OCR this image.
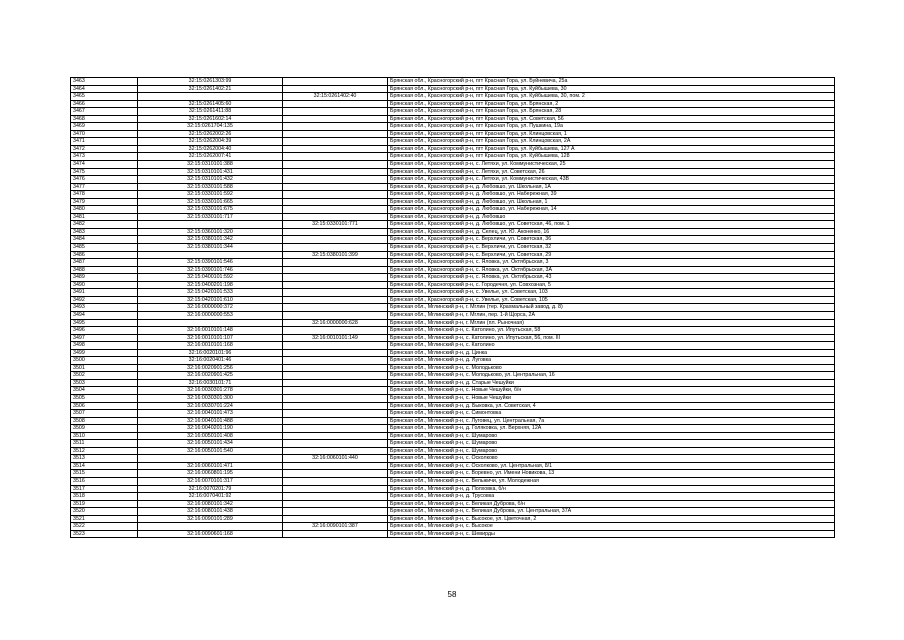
3463	32:15:0261303:99		Брянская обл., Красногорский р-н, пгт Красная Гора, ул. Буйневича, 25а
3464	32:15:0261402:21		Брянская обл., Красногорский р-н, пгт Красная Гора, ул. Куйбышева, 30
3465		32:15:0261402:40	Брянская обл., Красногорский р-н, пгт Красная Гора, ул. Куйбышева, 30, пом. 2
3466	32:15:0261405:60		Брянская обл., Красногорский р-н, пгт Красная Гора, ул. Брянская, 2
3467	32:15:0261411:88		Брянская обл., Красногорский р-н, пгт Красная Гора, ул. Брянская, 28
3468	32:15:0261602:14		Брянская обл., Красногорский р-н, пгт Красная Гора, ул. Советская, 56
3469	32:15:0261704:135		Брянская обл., Красногорский р-н, пгт Красная Гора, ул. Пушкина, 19а
3470	32:15:0262002:26		Брянская обл., Красногорский р-н, пгт Красная Гора, ул. Клинцовская, 1
3471	32:15:0262004:39		Брянская обл., Красногорский р-н, пгт Красная Гора, ул. Клинцовская, 2А
3472	32:15:0262004:40		Брянская обл., Красногорский р-н, пгт Красная Гора, ул. Куйбышева, 127 А
3473	32:15:0262007:41		Брянская обл., Красногорский р-н, пгт Красная Гора, ул. Куйбышева, 128
3474	32:15:0310101:388		Брянская обл., Красногорский р-н, с. Летяхи, ул. Коммунистическая, 25
3475	32:15:0310101:431		Брянская обл., Красногорский р-н, с. Летяхи, ул. Советская, 26
3476	32:15:0310101:432		Брянская обл., Красногорский р-н, с. Летяхи, ул. Коммунистическая, 43В
3477	32:15:0330101:588		Брянская обл., Красногорский р-н, д. Любовшо, ул. Школьная, 1А
3478	32:15:0330101:592		Брянская обл., Красногорский р-н, д. Любовшо, ул. Набережная, 39
3479	32:15:0330101:665		Брянская обл., Красногорский р-н, д. Любовшо, ул. Школьная, 1
3480	32:15:0330101:675		Брянская обл., Красногорский р-н, д. Любовшо, ул. Набережная, 14
3481	32:15:0330101:717		Брянская обл., Красногорский р-н, д. Любовшо
3482		32:15:0330101:771	Брянская обл., Красногорский р-н, д. Любовшо, ул. Советская, 46, пом. 1
3483	32:15:0360101:320		Брянская обл., Красногорский р-н, д. Селец, ул. Ю. Аконенко, 16
3484	32:15:0380101:342		Брянская обл., Красногорский р-н, с. Верхличи, ул. Советская, 36
3485	32:15:0380101:344		Брянская обл., Красногорский р-н, с. Верхличи, ул. Советская, 32
3486		32:15:0380101:399	Брянская обл., Красногорский р-н, с. Верхличи, ул. Советская, 29
3487	32:15:0390101:546		Брянская обл., Красногорский р-н, с. Яловка, ул. Октябрьская, 3
3488	32:15:0390101:746		Брянская обл., Красногорский р-н, с. Яловка, ул. Октябрьская, 3А
3489	32:15:0400101:592		Брянская обл., Красногорский р-н, с. Яловка, ул. Октябрьская, 43
3490	32:15:0400201:198		Брянская обл., Красногорский р-н, с. Городечня, ул. Совхозная, 5
3491	32:15:0420101:533		Брянская обл., Красногорский р-н, с. Увелье, ул. Советская, 103
3492	32:15:0420101:610		Брянская обл., Красногорский р-н, с. Увелье, ул. Советская, 105
3493	32:16:0000000:372		Брянская обл., Мглинский р-н, г. Мглин (тер. Крахмальный завод, д. 8)
3494	32:16:0000000:553		Брянская обл., Мглинский р-н, г. Мглин, пер. 1-й Щорса, 2А
3495		32:16:0000000:628	Брянская обл., Мглинский р-н, г. Мглин (пл. Рыночная)
3496	32:16:0010101:148		Брянская обл., Мглинский р-н, с. Католино, ул. Ипутьская, 58
3497	32:16:0010101:107	32:16:0010101:149	Брянская обл., Мглинский р-н, с. Католино, ул. Ипутьская, 56, пом. III
3498	32:16:0010101:168		Брянская обл., Мглинский р-н, с. Католино
3499	32:16:0020101:96		Брянская обл., Мглинский р-н, д. Цинка
3500	32:16:0020401:46		Брянская обл., Мглинский р-н, д. Луговка
3501	32:16:0020901:256		Брянская обл., Мглинский р-н, с. Молодьково
3502	32:16:0020901:425		Брянская обл., Мглинский р-н, с. Молодьково, ул. Центральная, 16
3503	32:16:0030101:71		Брянская обл., Мглинский р-н, д. Старые Чешуйки
3504	32:16:0030301:278		Брянская обл., Мглинский р-н, с. Новые Чешуйки, б/н
3505	32:16:0030301:300		Брянская обл., Мглинский р-н, с. Новые Чешуйки
3506	32:16:0030701:224		Брянская обл., Мглинский р-н, д. Быковка, ул. Советская, 4
3507	32:16:0040101:473		Брянская обл., Мглинский р-н, с. Симонтовка
3508	32:16:0040101:488		Брянская обл., Мглинский р-н, с. Луговец, ул. Центральная, 7а
3509	32:16:0040201:190		Брянская обл., Мглинский р-н, д. Голяковка, ул. Верхняя, 12А
3510	32:16:0050101:408		Брянская обл., Мглинский р-н, с. Шумарово
3511	32:16:0050101:434		Брянская обл., Мглинский р-н, с. Шумарово
3512	32:16:0050101:540		Брянская обл., Мглинский р-н, с. Шумарово
3513		32:16:0060101:440	Брянская обл., Мглинский р-н, с. Осколково
3514	32:16:0060101:471		Брянская обл., Мглинский р-н, с. Осколково, ул. Центральная, 8/1
3515	32:16:0060801:195		Брянская обл., Мглинский р-н, с. Воревно, ул. Имени Новикова, 13
3516	32:16:0070101:317		Брянская обл., Мглинский р-н, с. Вельжичи, ул. Молодежная
3517	32:16:0070201:79		Брянская обл., Мглинский р-н, д. Полховка, б/н
3518	32:16:0070401:92		Брянская обл., Мглинский р-н, д. Трусовка
3519	32:16:0080101:342		Брянская обл., Мглинский р-н, с. Великая Дуброва, б/н
3520	32:16:0080101:438		Брянская обл., Мглинский р-н, с. Великая Дуброва, ул. Центральная, 37А
3521	32:16:0090101:289		Брянская обл., Мглинский р-н, с. Высокое, ул. Цветочная, 2
3522		32:16:0090101:387	Брянская обл., Мглинский р-н, с. Высокое
3523	32:16:0090601:168		Брянская обл., Мглинский р-н, с. Шевирды
58
